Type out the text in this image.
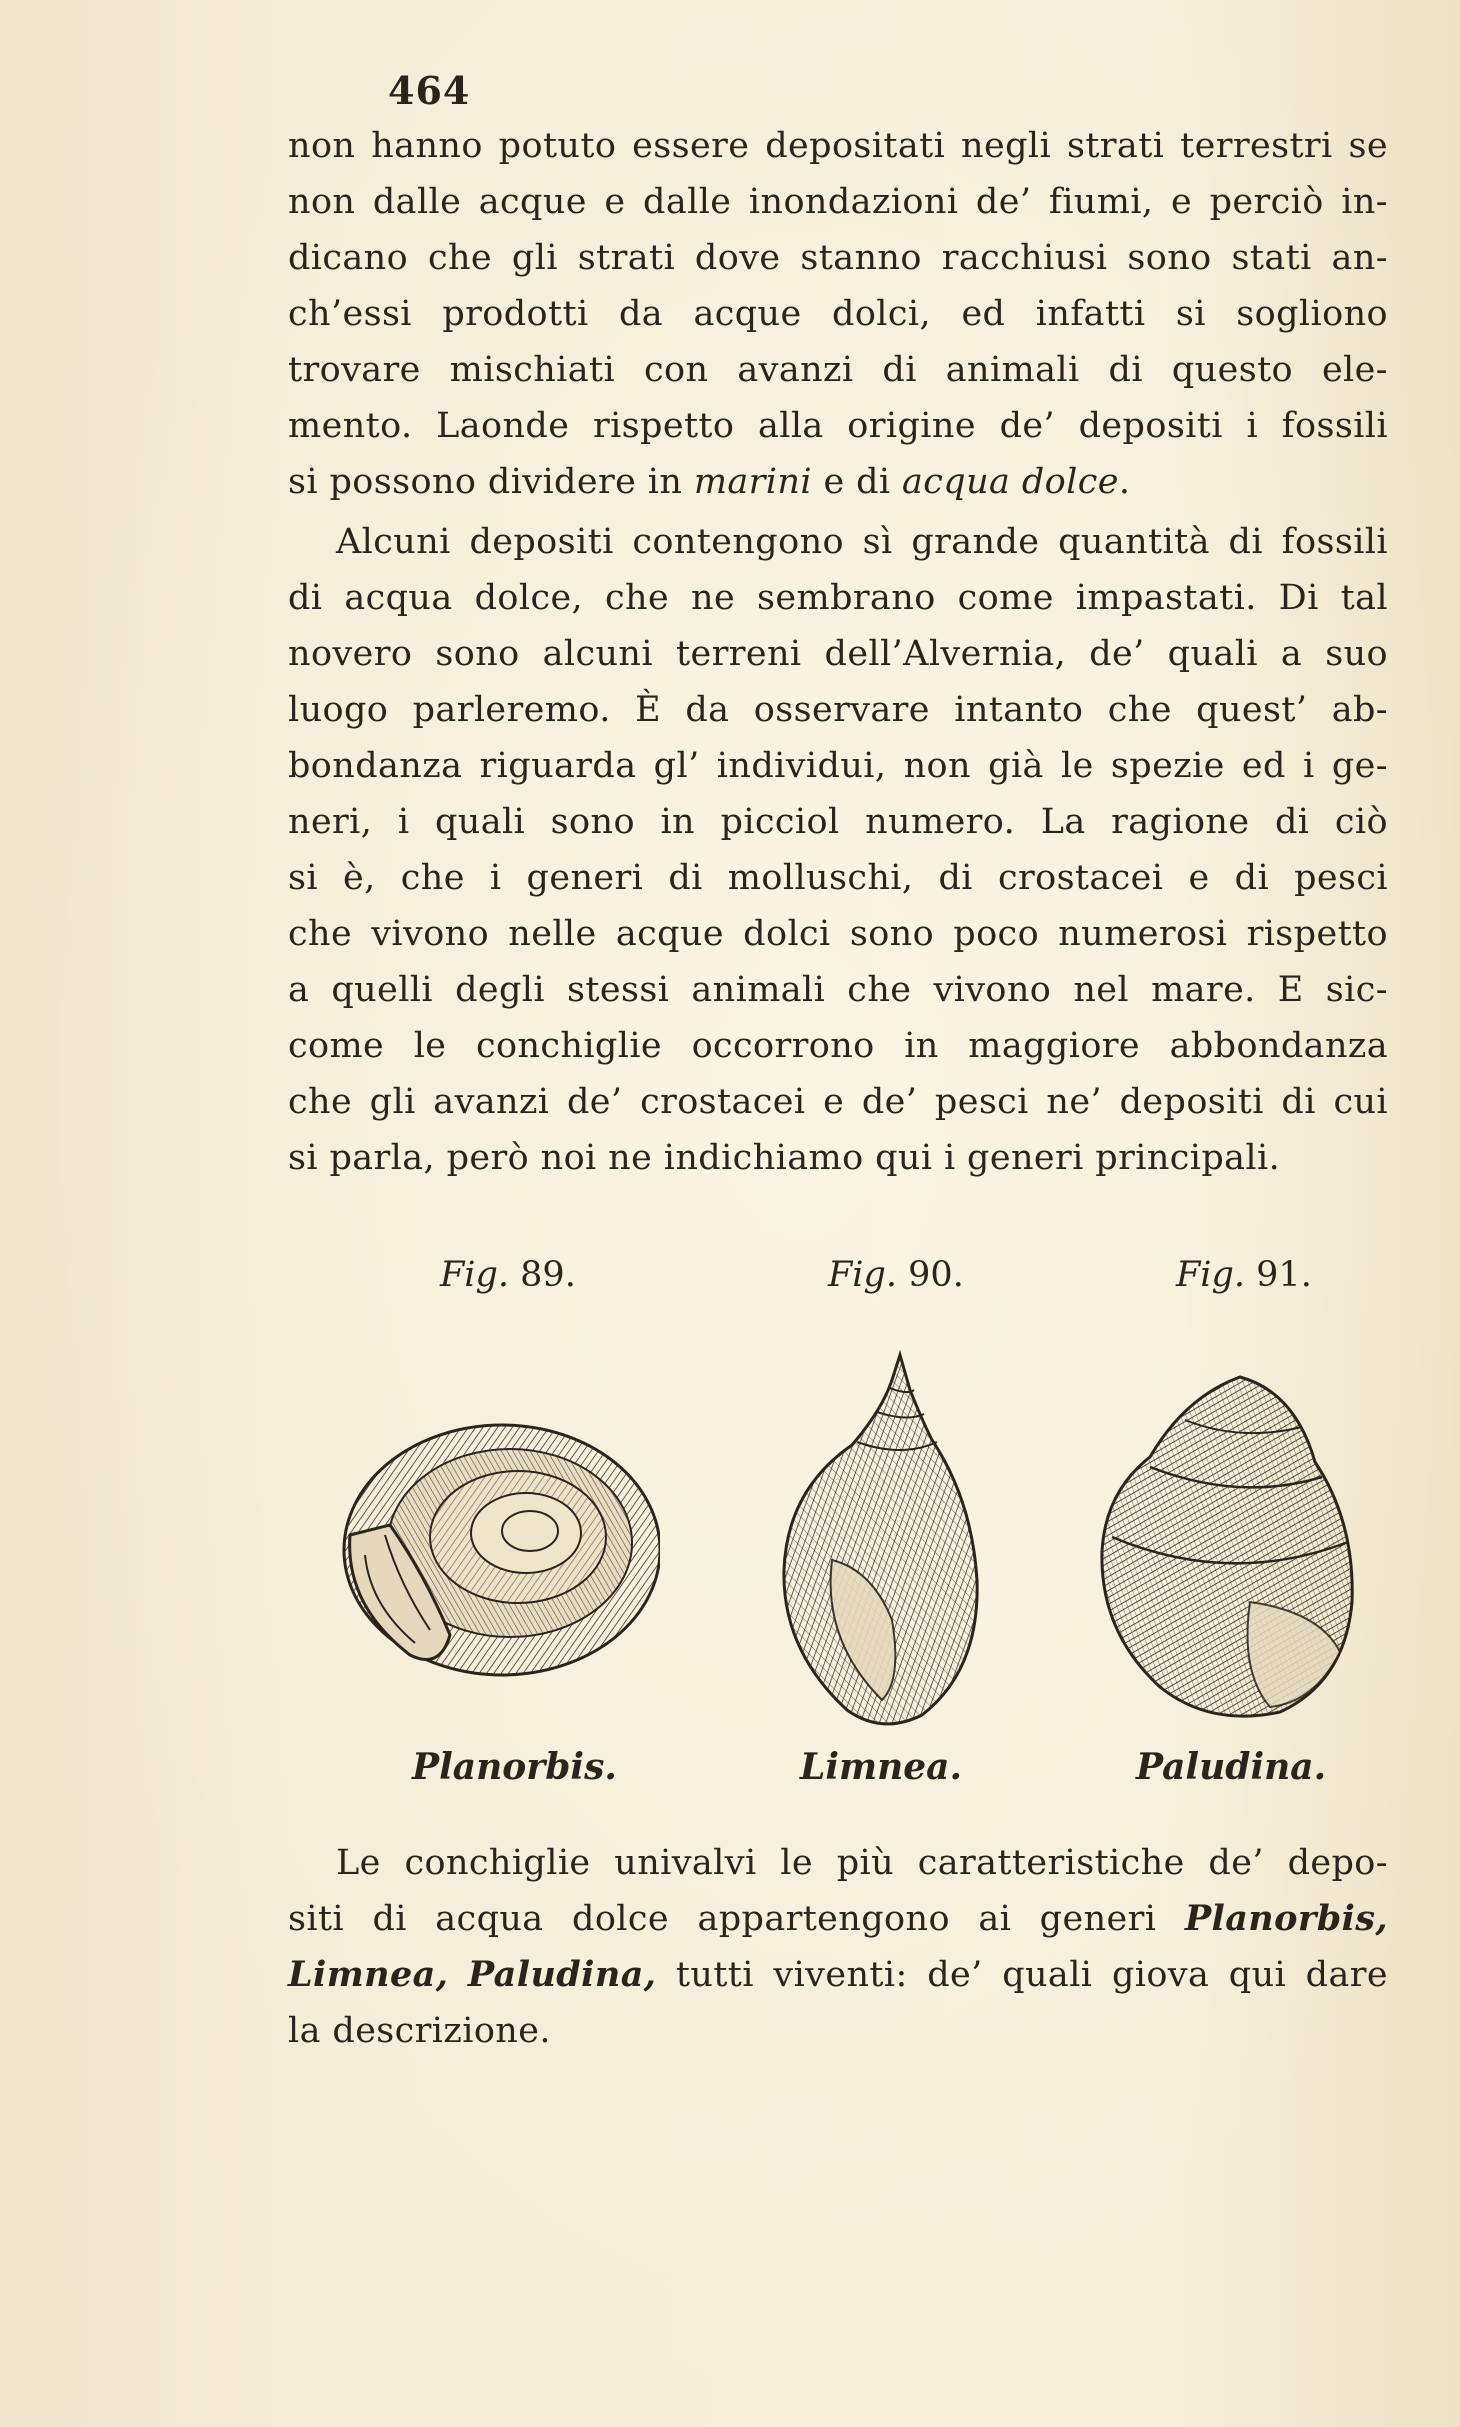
464
non hanno potuto essere depositati negli strati terrestri se
non dalle acque e dalle inondazioni de’ fiumi, e perciò in-
dicano che gli strati dove stanno racchiusi sono stati an-
ch’essi prodotti da acque dolci, ed infatti si sogliono
trovare mischiati con avanzi di animali di questo ele-
mento. Laonde rispetto alla origine de’ depositi i fossili
si possono dividere in marini e di acqua dolce.
Alcuni depositi contengono sì grande quantità di fossili
di acqua dolce, che ne sembrano come impastati. Di tal
novero sono alcuni terreni dell’Alvernia, de’ quali a suo
luogo parleremo. È da osservare intanto che quest’ ab-
bondanza riguarda gl’ individui, non già le spezie ed i ge-
neri, i quali sono in picciol numero. La ragione di ciò
si è, che i generi di molluschi, di crostacei e di pesci
che vivono nelle acque dolci sono poco numerosi rispetto
a quelli degli stessi animali che vivono nel mare. E sic-
come le conchiglie occorrono in maggiore abbondanza
che gli avanzi de’ crostacei e de’ pesci ne’ depositi di cui
si parla, però noi ne indichiamo qui i generi principali.
Fig. 89.	Fig. 90.	Fig. 91.
Planorbis.	Limnea.	Paludina.
Le conchiglie univalvi le più caratteristiche de’ depo-
siti di acqua dolce appartengono ai generi Planorbis,
Limnea, Paludina, tutti viventi: de’ quali giova qui dare
la descrizione.
